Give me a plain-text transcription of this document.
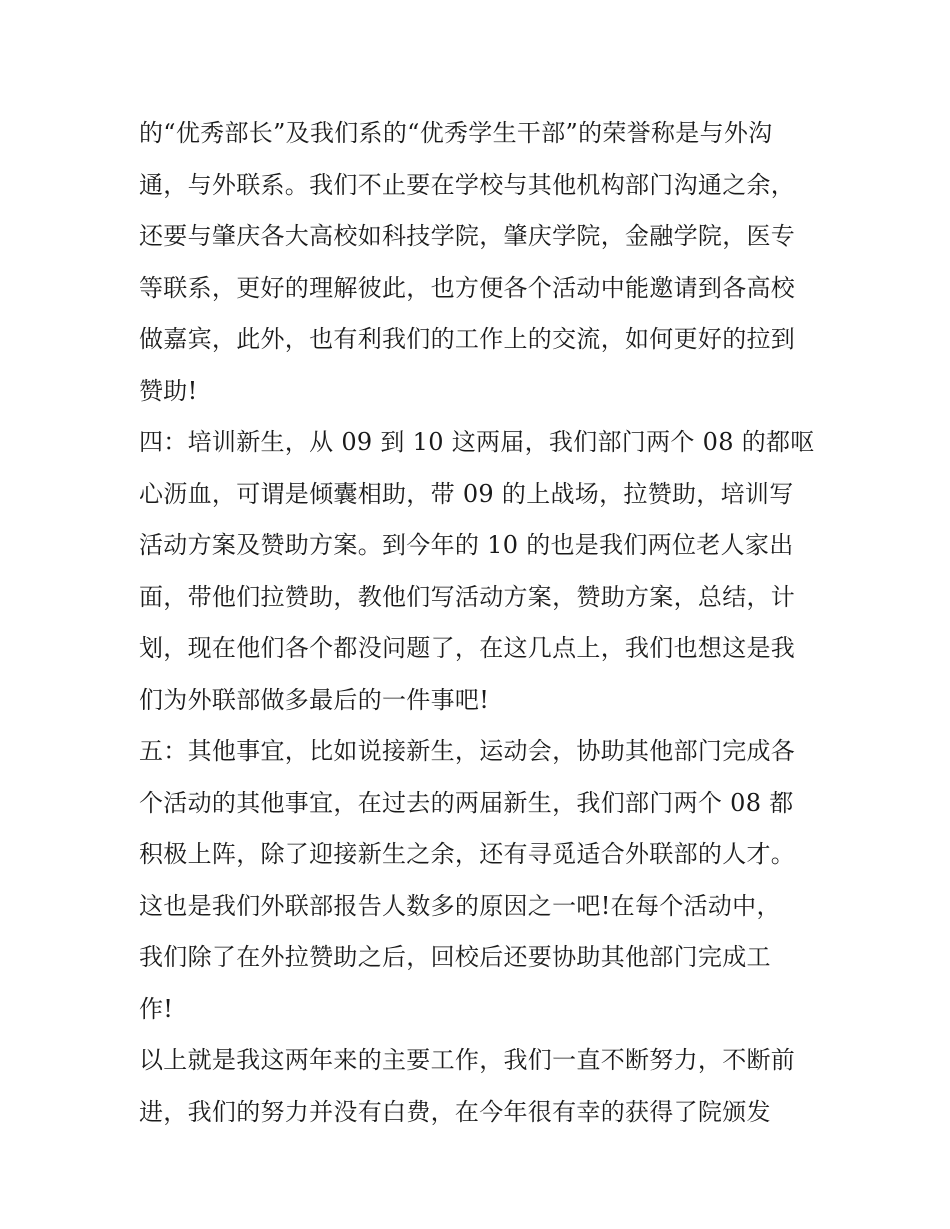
的“优秀部长”及我们系的“优秀学生干部”的荣誉称是与外沟
通，与外联系。我们不止要在学校与其他机构部门沟通之余，
还要与肇庆各大高校如科技学院，肇庆学院，金融学院，医专
等联系，更好的理解彼此，也方便各个活动中能邀请到各高校
做嘉宾，此外，也有利我们的工作上的交流，如何更好的拉到
赞助!
四：培训新生，从 09 到 10 这两届，我们部门两个 08 的都呕
心沥血，可谓是倾囊相助，带 09 的上战场，拉赞助，培训写
活动方案及赞助方案。到今年的 10 的也是我们两位老人家出
面，带他们拉赞助，教他们写活动方案，赞助方案，总结，计
划，现在他们各个都没问题了，在这几点上，我们也想这是我
们为外联部做多最后的一件事吧!
五：其他事宜，比如说接新生，运动会，协助其他部门完成各
个活动的其他事宜，在过去的两届新生，我们部门两个 08 都
积极上阵，除了迎接新生之余，还有寻觅适合外联部的人才。
这也是我们外联部报告人数多的原因之一吧!在每个活动中，
我们除了在外拉赞助之后，回校后还要协助其他部门完成工
作!
以上就是我这两年来的主要工作，我们一直不断努力，不断前
进，我们的努力并没有白费，在今年很有幸的获得了院颁发
